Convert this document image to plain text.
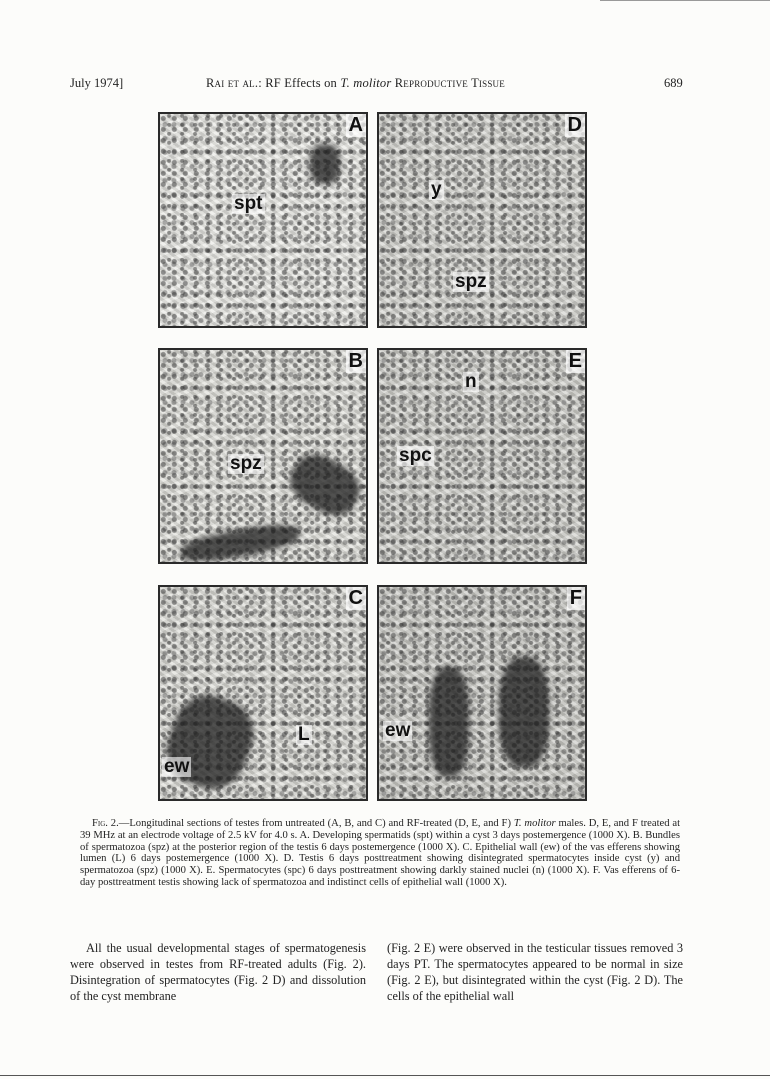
July 1974]	Rai et al.: RF Effects on T. molitor Reproductive Tissue	689
A
spt
D
y
spz
B
spz
E
n
spc
C
L
ew
F
ew

Fig. 2.—Longitudinal sections of testes from untreated (A, B, and C) and RF-treated (D, E, and F) T. molitor males. D, E, and F treated at 39 MHz at an electrode voltage of 2.5 kV for 4.0 s. A. Developing spermatids (spt) within a cyst 3 days postemergence (1000 X). B. Bundles of spermatozoa (spz) at the posterior region of the testis 6 days postemergence (1000 X). C. Epithelial wall (ew) of the vas efferens showing lumen (L) 6 days postemergence (1000 X). D. Testis 6 days posttreatment showing disintegrated spermatocytes inside cyst (y) and spermatozoa (spz) (1000 X). E. Spermatocytes (spc) 6 days posttreatment showing darkly stained nuclei (n) (1000 X). F. Vas efferens of 6-day posttreatment testis showing lack of spermatozoa and indistinct cells of epithelial wall (1000 X).

All the usual developmental stages of spermatogenesis were observed in testes from RF-treated adults (Fig. 2). Disintegration of spermatocytes (Fig. 2 D) and dissolution of the cyst membrane

(Fig. 2 E) were observed in the testicular tissues removed 3 days PT. The spermatocytes appeared to be normal in size (Fig. 2 E), but disintegrated within the cyst (Fig. 2 D). The cells of the epithelial wall
